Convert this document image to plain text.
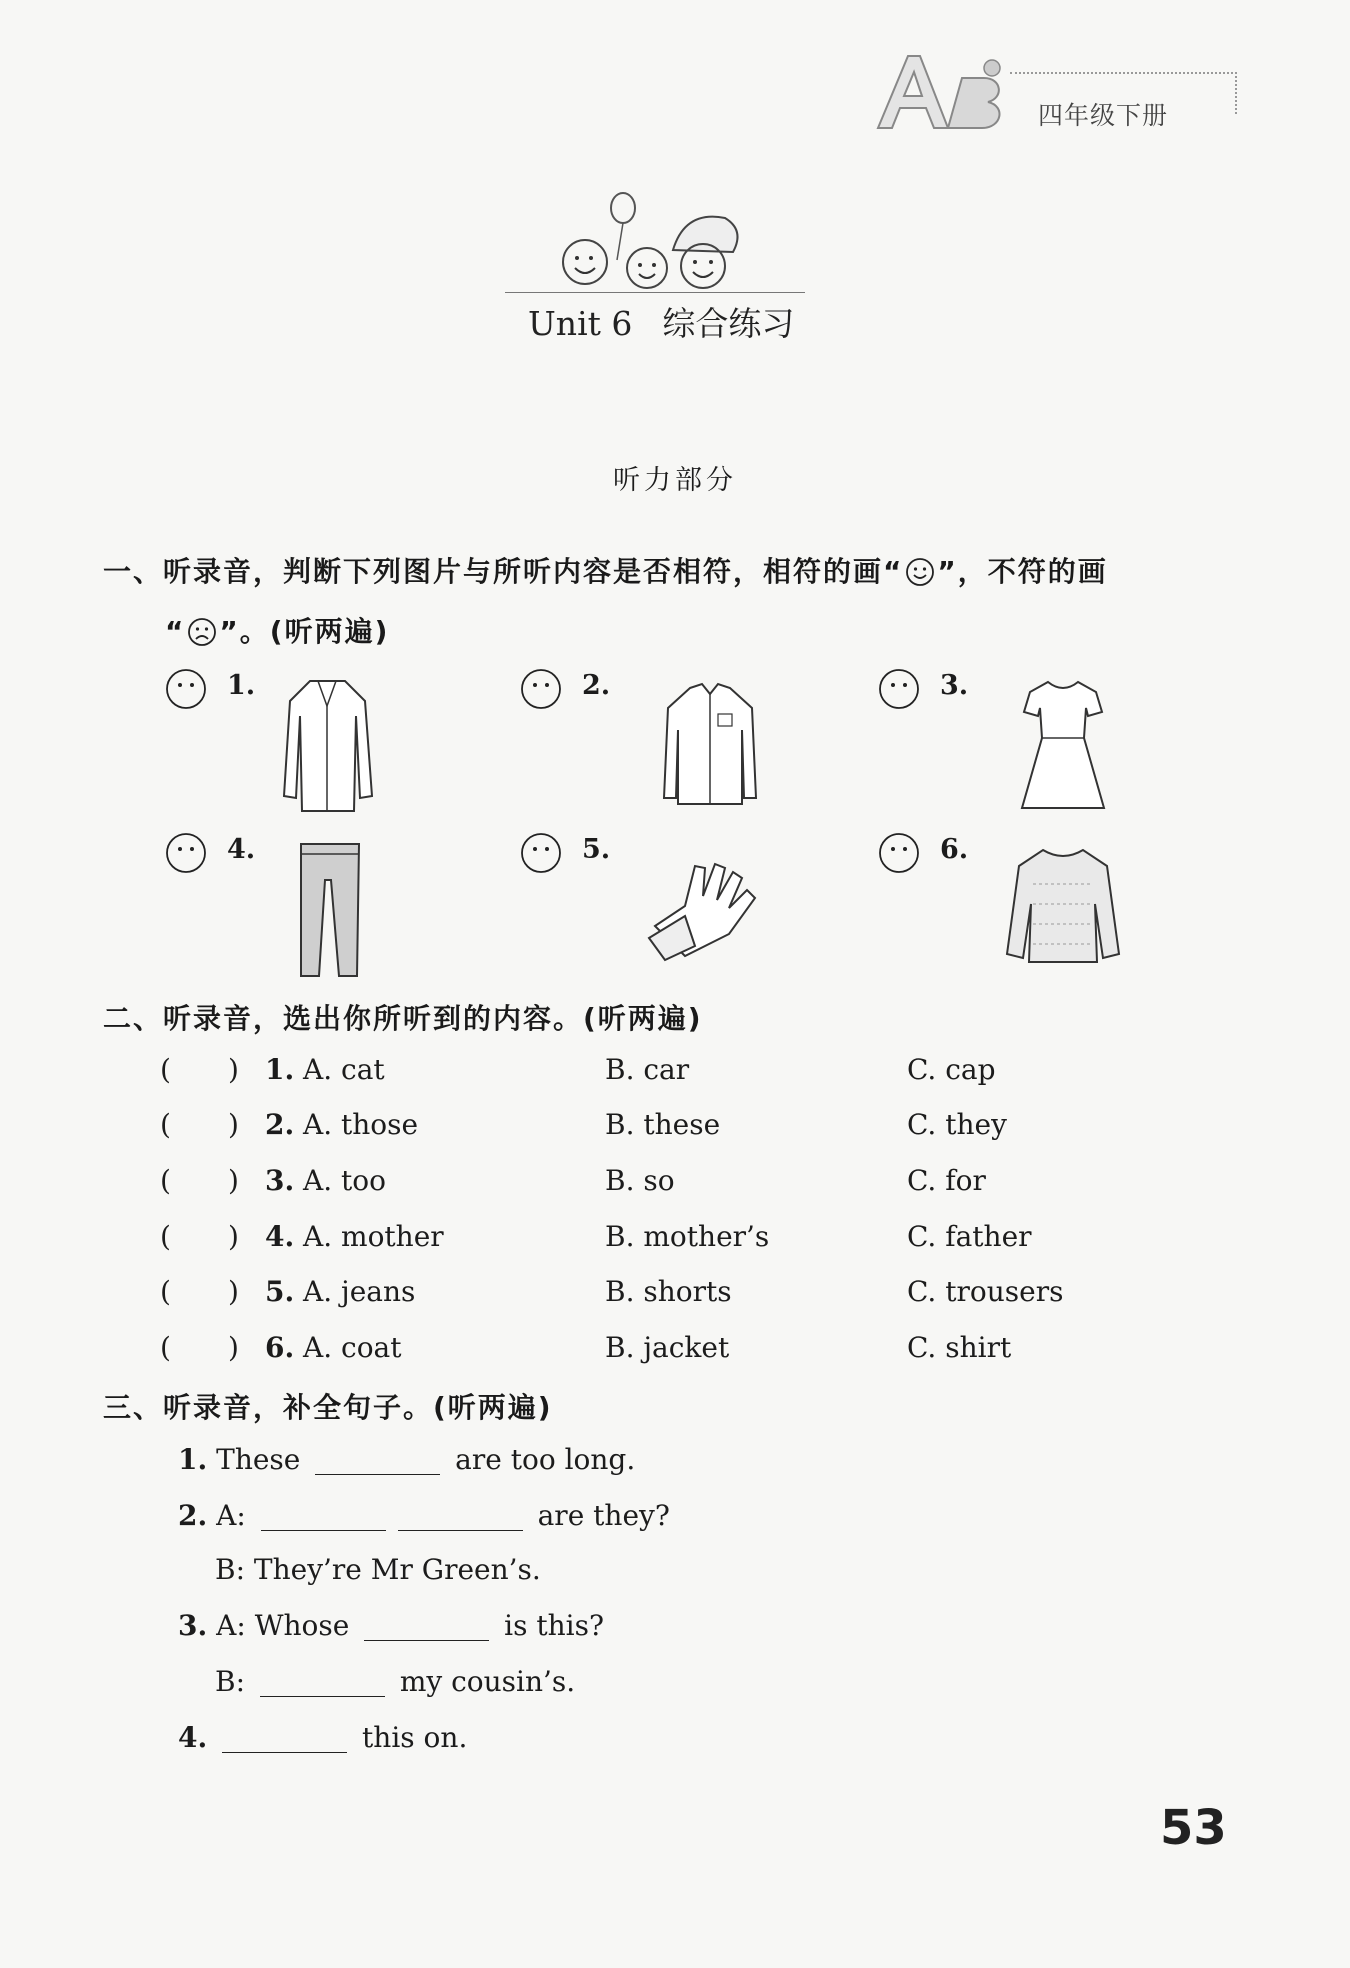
四年级下册
Unit 6 综合练习
听力部分
一、听录音，判断下列图片与所听内容是否相符，相符的画“ ”，不符的画
“ ”。(听两遍)
1.	2.	3.
4.	5.	6.
二、听录音，选出你所听到的内容。(听两遍)
( ) 1. A. cat	B. car	C. cap
( ) 2. A. those	B. these	C. they
( ) 3. A. too	B. so	C. for
( ) 4. A. mother	B. mother’s	C. father
( ) 5. A. jeans	B. shorts	C. trousers
( ) 6. A. coat	B. jacket	C. shirt
三、听录音，补全句子。(听两遍)
1. These	are too long.
2. A:	are they?
B: They’re Mr Green’s.
3. A: Whose	is this?
B:	my cousin’s.
4.	this on.
53
